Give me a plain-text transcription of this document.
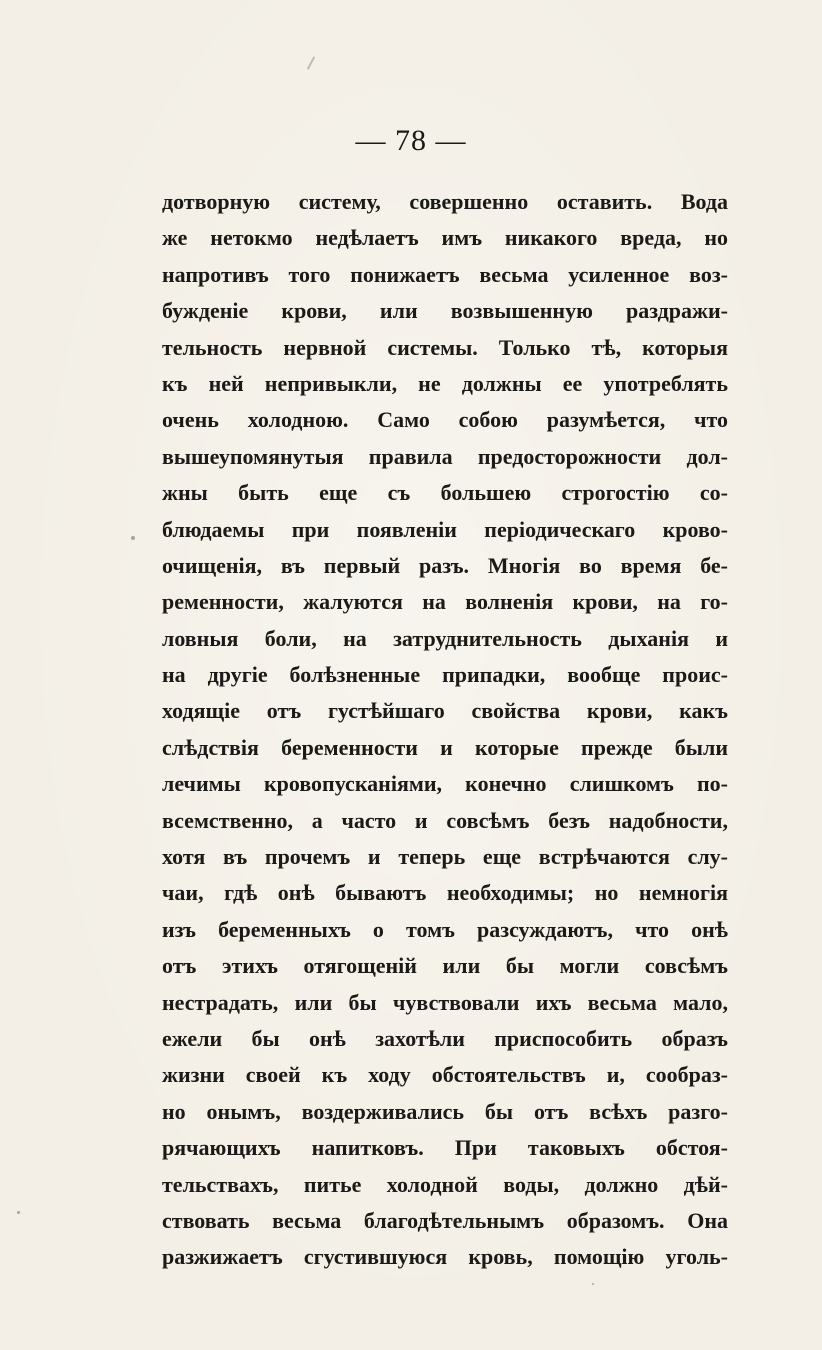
— 78 —
дотворную систему, совершенно оставить. Вода
же нетокмо недѣлаетъ имъ никакого вреда, но
напротивъ того понижаетъ весьма усиленное воз-
бужденіе крови, или возвышенную раздражи-
тельность нервной системы. Только тѣ, которыя
къ ней непривыкли, не должны ее употреблять
очень холодною. Само собою разумѣется, что
вышеупомянутыя правила предосторожности дол-
жны быть еще съ большею строгостію со-
блюдаемы при появленіи періодическаго крово-
очищенія, въ первый разъ. Многія во время бе-
ременности, жалуются на волненія крови, на го-
ловныя боли, на затруднительность дыханія и
на другіе болѣзненные припадки, вообще проис-
ходящіе отъ густѣйшаго свойства крови, какъ
слѣдствія беременности и которые прежде были
лечимы кровопусканіями, конечно слишкомъ по-
всемственно, а часто и совсѣмъ безъ надобности,
хотя въ прочемъ и теперь еще встрѣчаются слу-
чаи, гдѣ онѣ бываютъ необходимы; но немногія
изъ беременныхъ о томъ разсуждаютъ, что онѣ
отъ этихъ отягощеній или бы могли совсѣмъ
нестрадать, или бы чувствовали ихъ весьма мало,
ежели бы онѣ захотѣли приспособить образъ
жизни своей къ ходу обстоятельствъ и, сообраз-
но онымъ, воздерживались бы отъ всѣхъ разго-
рячающихъ напитковъ. При таковыхъ обстоя-
тельствахъ, питье холодной воды, должно дѣй-
ствовать весьма благодѣтельнымъ образомъ. Она
разжижаетъ сгустившуюся кровь, помощію уголь-
